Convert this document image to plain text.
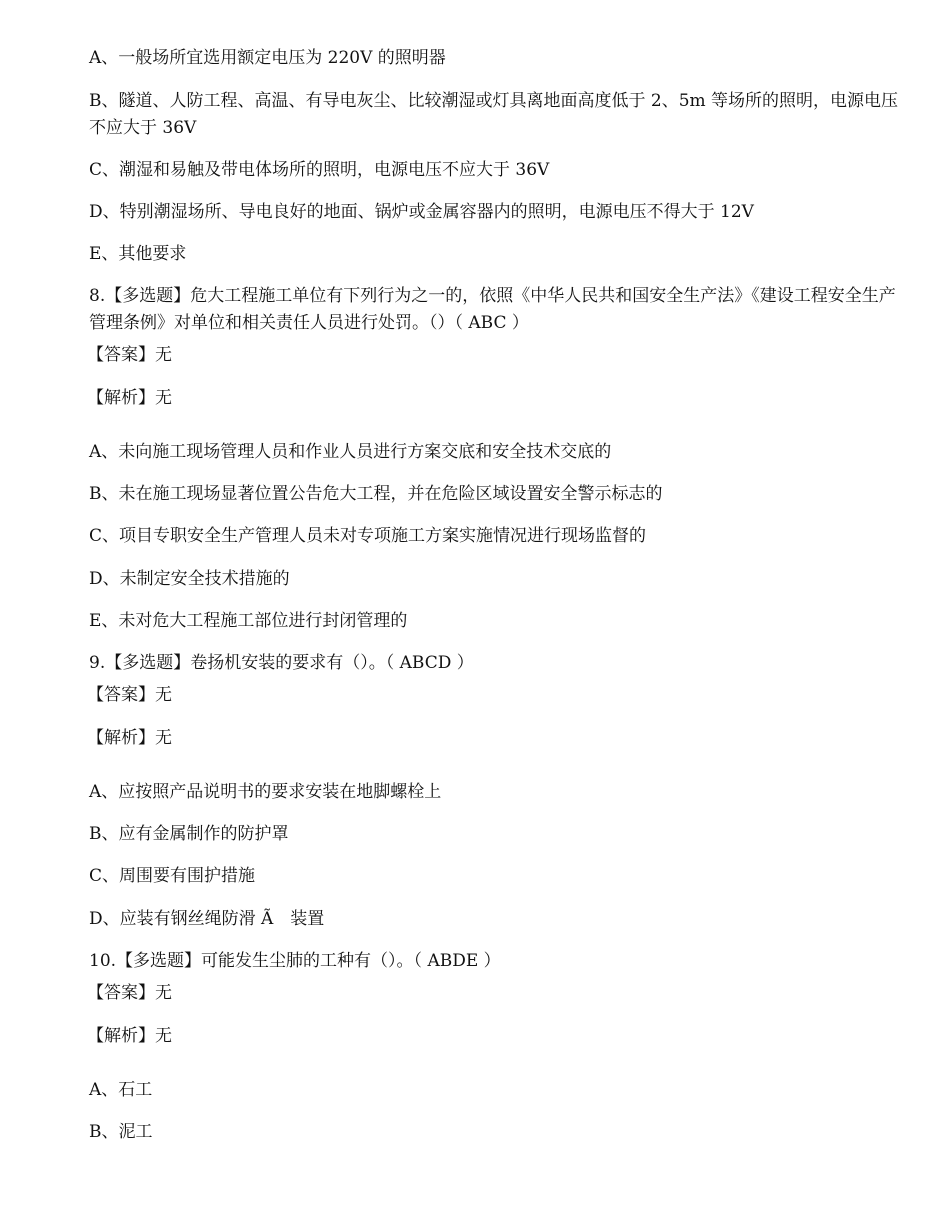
A、一般场所宜选用额定电压为 220V 的照明器
B、隧道、人防工程、高温、有导电灰尘、比较潮湿或灯具离地面高度低于 2、5m 等场所的照明，电源电压不应大于 36V
C、潮湿和易触及带电体场所的照明，电源电压不应大于 36V
D、特别潮湿场所、导电良好的地面、锅炉或金属容器内的照明，电源电压不得大于 12V
E、其他要求
8.【多选题】危大工程施工单位有下列行为之一的，依照《中华人民共和国安全生产法》《建设工程安全生产管理条例》对单位和相关责任人员进行处罚。（）（ ABC ）
【答案】无
【解析】无
A、未向施工现场管理人员和作业人员进行方案交底和安全技术交底的
B、未在施工现场显著位置公告危大工程，并在危险区域设置安全警示标志的
C、项目专职安全生产管理人员未对专项施工方案实施情况进行现场监督的
D、未制定安全技术措施的
E、未对危大工程施工部位进行封闭管理的
9.【多选题】卷扬机安装的要求有（）。（ ABCD ）
【答案】无
【解析】无
A、应按照产品说明书的要求安装在地脚螺栓上
B、应有金属制作的防护罩
C、周围要有围护措施
D、应装有钢丝绳防滑 Ã　装置
10.【多选题】可能发生尘肺的工种有（）。（ ABDE ）
【答案】无
【解析】无
A、石工
B、泥工
